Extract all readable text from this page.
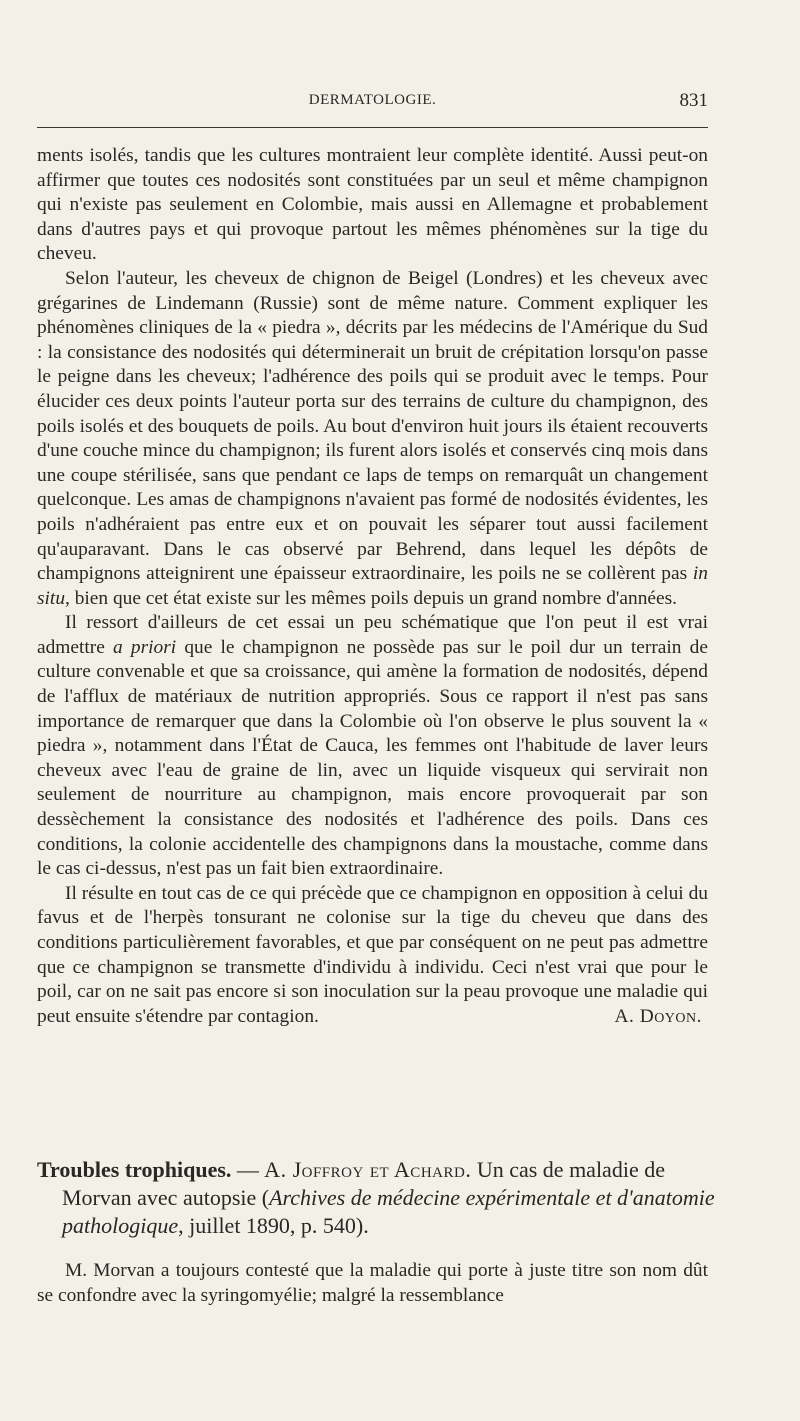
DERMATOLOGIE.	831

ments isolés, tandis que les cultures montraient leur complète identité. Aussi peut-on affirmer que toutes ces nodosités sont constituées par un seul et même champignon qui n'existe pas seulement en Colombie, mais aussi en Allemagne et probablement dans d'autres pays et qui provoque partout les mêmes phénomènes sur la tige du cheveu.

Selon l'auteur, les cheveux de chignon de Beigel (Londres) et les cheveux avec grégarines de Lindemann (Russie) sont de même nature. Comment expliquer les phénomènes cliniques de la « piedra », décrits par les médecins de l'Amérique du Sud : la consistance des nodosités qui déterminerait un bruit de crépitation lorsqu'on passe le peigne dans les cheveux; l'adhérence des poils qui se produit avec le temps. Pour élucider ces deux points l'auteur porta sur des terrains de culture du champignon, des poils isolés et des bouquets de poils. Au bout d'environ huit jours ils étaient recouverts d'une couche mince du champignon; ils furent alors isolés et conservés cinq mois dans une coupe stérilisée, sans que pendant ce laps de temps on remarquât un changement quelconque. Les amas de champignons n'avaient pas formé de nodosités évidentes, les poils n'adhéraient pas entre eux et on pouvait les séparer tout aussi facilement qu'auparavant. Dans le cas observé par Behrend, dans lequel les dépôts de champignons atteignirent une épaisseur extraordinaire, les poils ne se collèrent pas in situ, bien que cet état existe sur les mêmes poils depuis un grand nombre d'années.

Il ressort d'ailleurs de cet essai un peu schématique que l'on peut il est vrai admettre a priori que le champignon ne possède pas sur le poil dur un terrain de culture convenable et que sa croissance, qui amène la formation de nodosités, dépend de l'afflux de matériaux de nutrition appropriés. Sous ce rapport il n'est pas sans importance de remarquer que dans la Colombie où l'on observe le plus souvent la « piedra », notamment dans l'État de Cauca, les femmes ont l'habitude de laver leurs cheveux avec l'eau de graine de lin, avec un liquide visqueux qui servirait non seulement de nourriture au champignon, mais encore provoquerait par son dessèchement la consistance des nodosités et l'adhérence des poils. Dans ces conditions, la colonie accidentelle des champignons dans la moustache, comme dans le cas ci-dessus, n'est pas un fait bien extraordinaire.

Il résulte en tout cas de ce qui précède que ce champignon en opposition à celui du favus et de l'herpès tonsurant ne colonise sur la tige du cheveu que dans des conditions particulièrement favorables, et que par conséquent on ne peut pas admettre que ce champignon se transmette d'individu à individu. Ceci n'est vrai que pour le poil, car on ne sait pas encore si son inoculation sur la peau provoque une maladie qui peut ensuite s'étendre par contagion.	A. Doyon.
Troubles trophiques. — A. Joffroy et Achard. Un cas de maladie de Morvan avec autopsie (Archives de médecine expérimentale et d'anatomie pathologique, juillet 1890, p. 540).

M. Morvan a toujours contesté que la maladie qui porte à juste titre son nom dût se confondre avec la syringomyélie; malgré la ressemblance
